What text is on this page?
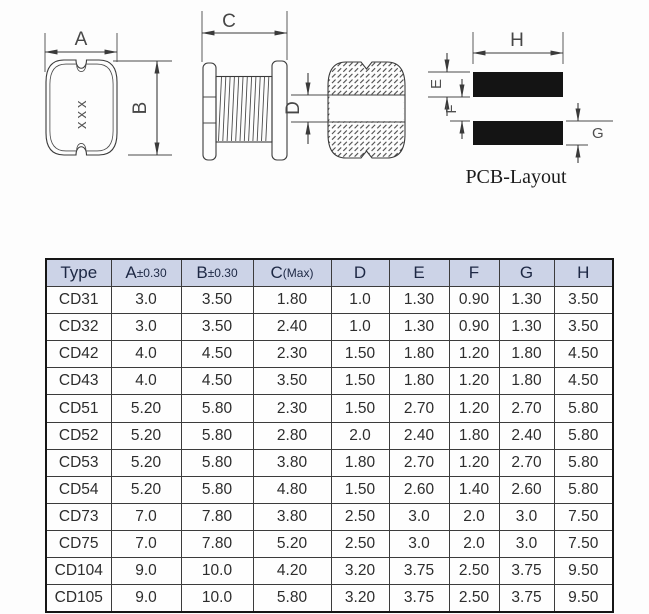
xxx
A
B
C
D
H
E
F
G
PCB-Layout
Type	A±0.30	B±0.30	C(Max)	D	E	F	G	H
CD31	3.0	3.50	1.80	1.0	1.30	0.90	1.30	3.50
CD32	3.0	3.50	2.40	1.0	1.30	0.90	1.30	3.50
CD42	4.0	4.50	2.30	1.50	1.80	1.20	1.80	4.50
CD43	4.0	4.50	3.50	1.50	1.80	1.20	1.80	4.50
CD51	5.20	5.80	2.30	1.50	2.70	1.20	2.70	5.80
CD52	5.20	5.80	2.80	2.0	2.40	1.80	2.40	5.80
CD53	5.20	5.80	3.80	1.80	2.70	1.20	2.70	5.80
CD54	5.20	5.80	4.80	1.50	2.60	1.40	2.60	5.80
CD73	7.0	7.80	3.80	2.50	3.0	2.0	3.0	7.50
CD75	7.0	7.80	5.20	2.50	3.0	2.0	3.0	7.50
CD104	9.0	10.0	4.20	3.20	3.75	2.50	3.75	9.50
CD105	9.0	10.0	5.80	3.20	3.75	2.50	3.75	9.50
